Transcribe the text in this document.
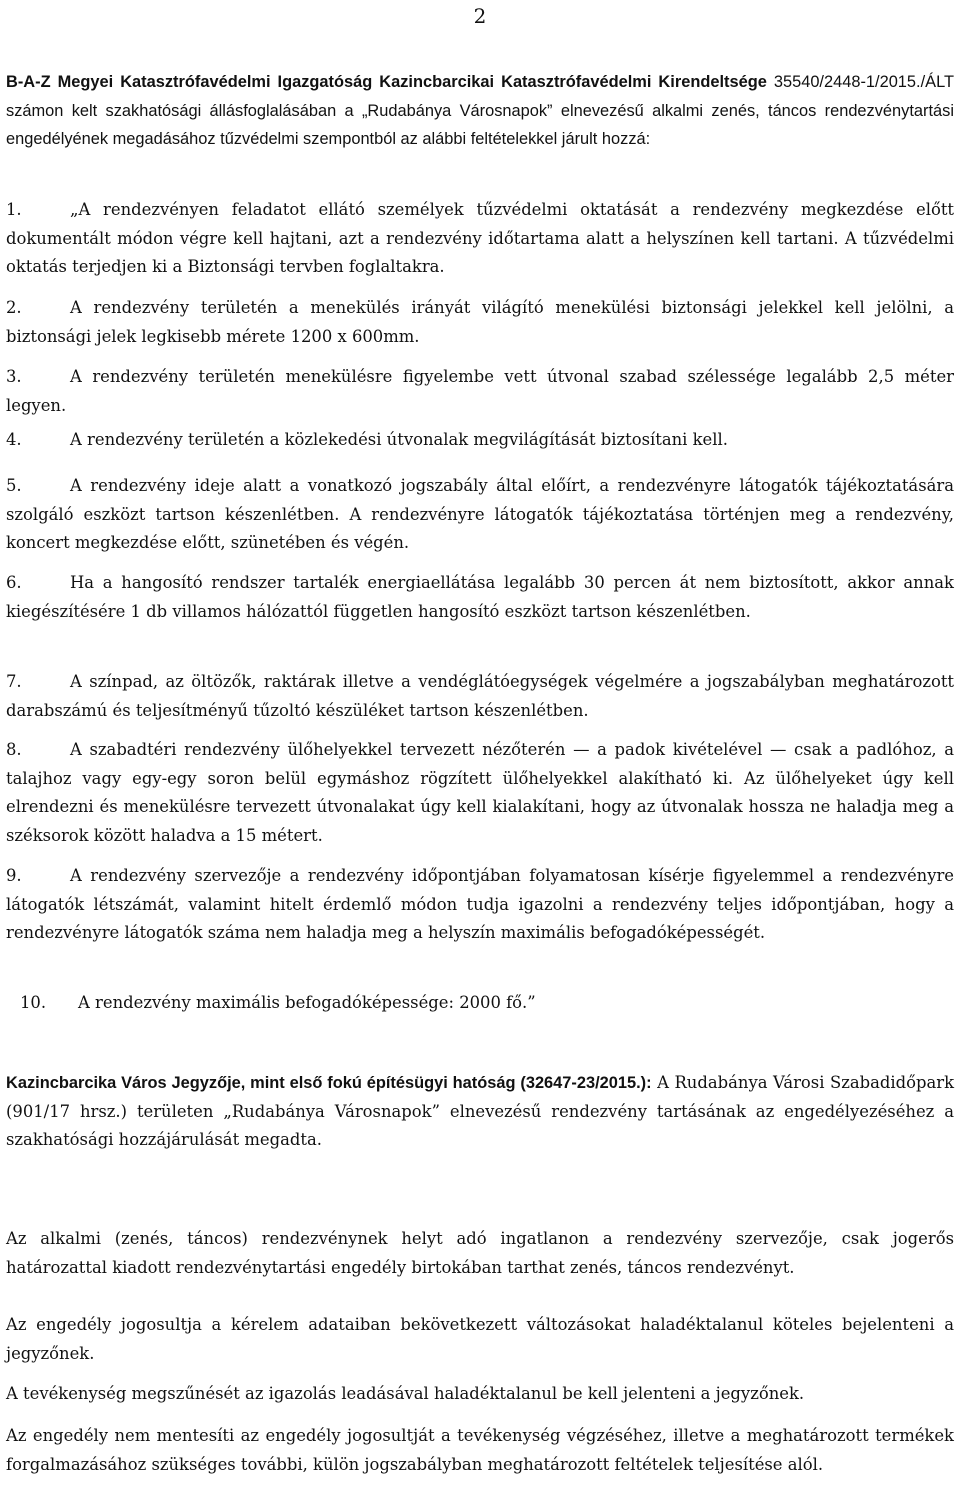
2

B-A-Z Megyei Katasztrófavédelmi Igazgatóság Kazincbarcikai Katasztrófavédelmi Kirendeltsége 35540/2448-1/2015./ÁLT számon kelt szakhatósági állásfoglalásában a „Rudabánya Városnapok” elnevezésű alkalmi zenés, táncos rendezvénytartási engedélyének megadásához tűzvédelmi szempontból az alábbi feltételekkel járult hozzá:

1.	„A rendezvényen feladatot ellátó személyek tűzvédelmi oktatását a rendezvény megkezdése előtt dokumentált módon végre kell hajtani, azt a rendezvény időtartama alatt a helyszínen kell tartani. A tűzvédelmi oktatás terjedjen ki a Biztonsági tervben foglaltakra.

2.	A rendezvény területén a menekülés irányát világító menekülési biztonsági jelekkel kell jelölni, a biztonsági jelek legkisebb mérete 1200 x 600mm.

3.	A rendezvény területén menekülésre figyelembe vett útvonal szabad szélessége legalább 2,5 méter legyen.

4.	A rendezvény területén a közlekedési útvonalak megvilágítását biztosítani kell.

5.	A rendezvény ideje alatt a vonatkozó jogszabály által előírt, a rendezvényre látogatók tájékoztatására szolgáló eszközt tartson készenlétben. A rendezvényre látogatók tájékoztatása történjen meg a rendezvény, koncert megkezdése előtt, szünetében és végén.

6.	Ha a hangosító rendszer tartalék energiaellátása legalább 30 percen át nem biztosított, akkor annak kiegészítésére 1 db villamos hálózattól független hangosító eszközt tartson készenlétben.

7.	A színpad, az öltözők, raktárak illetve a vendéglátóegységek végelmére a jogszabályban meghatározott darabszámú és teljesítményű tűzoltó készüléket tartson készenlétben.

8.	A szabadtéri rendezvény ülőhelyekkel tervezett nézőterén — a padok kivételével — csak a padlóhoz, a talajhoz vagy egy-egy soron belül egymáshoz rögzített ülőhelyekkel alakítható ki. Az ülőhelyeket úgy kell elrendezni és menekülésre tervezett útvonalakat úgy kell kialakítani, hogy az útvonalak hossza ne haladja meg a széksorok között haladva a 15 métert.

9.	A rendezvény szervezője a rendezvény időpontjában folyamatosan kísérje figyelemmel a rendezvényre látogatók létszámát, valamint hitelt érdemlő módon tudja igazolni a rendezvény teljes időpontjában, hogy a rendezvényre látogatók száma nem haladja meg a helyszín maximális befogadóképességét.

10. A rendezvény maximális befogadóképessége: 2000 fő.”

Kazincbarcika Város Jegyzője, mint első fokú építésügyi hatóság (32647-23/2015.): A Rudabánya Városi Szabadidőpark (901/17 hrsz.) területen „Rudabánya Városnapok” elnevezésű rendezvény tartásának az engedélyezéséhez a szakhatósági hozzájárulását megadta.

Az alkalmi (zenés, táncos) rendezvénynek helyt adó ingatlanon a rendezvény szervezője, csak jogerős határozattal kiadott rendezvénytartási engedély birtokában tarthat zenés, táncos rendezvényt.

Az engedély jogosultja a kérelem adataiban bekövetkezett változásokat haladéktalanul köteles bejelenteni a jegyzőnek.

A tevékenység megszűnését az igazolás leadásával haladéktalanul be kell jelenteni a jegyzőnek.

Az engedély nem mentesíti az engedély jogosultját a tevékenység végzéséhez, illetve a meghatározott termékek forgalmazásához szükséges további, külön jogszabályban meghatározott feltételek teljesítése alól.
